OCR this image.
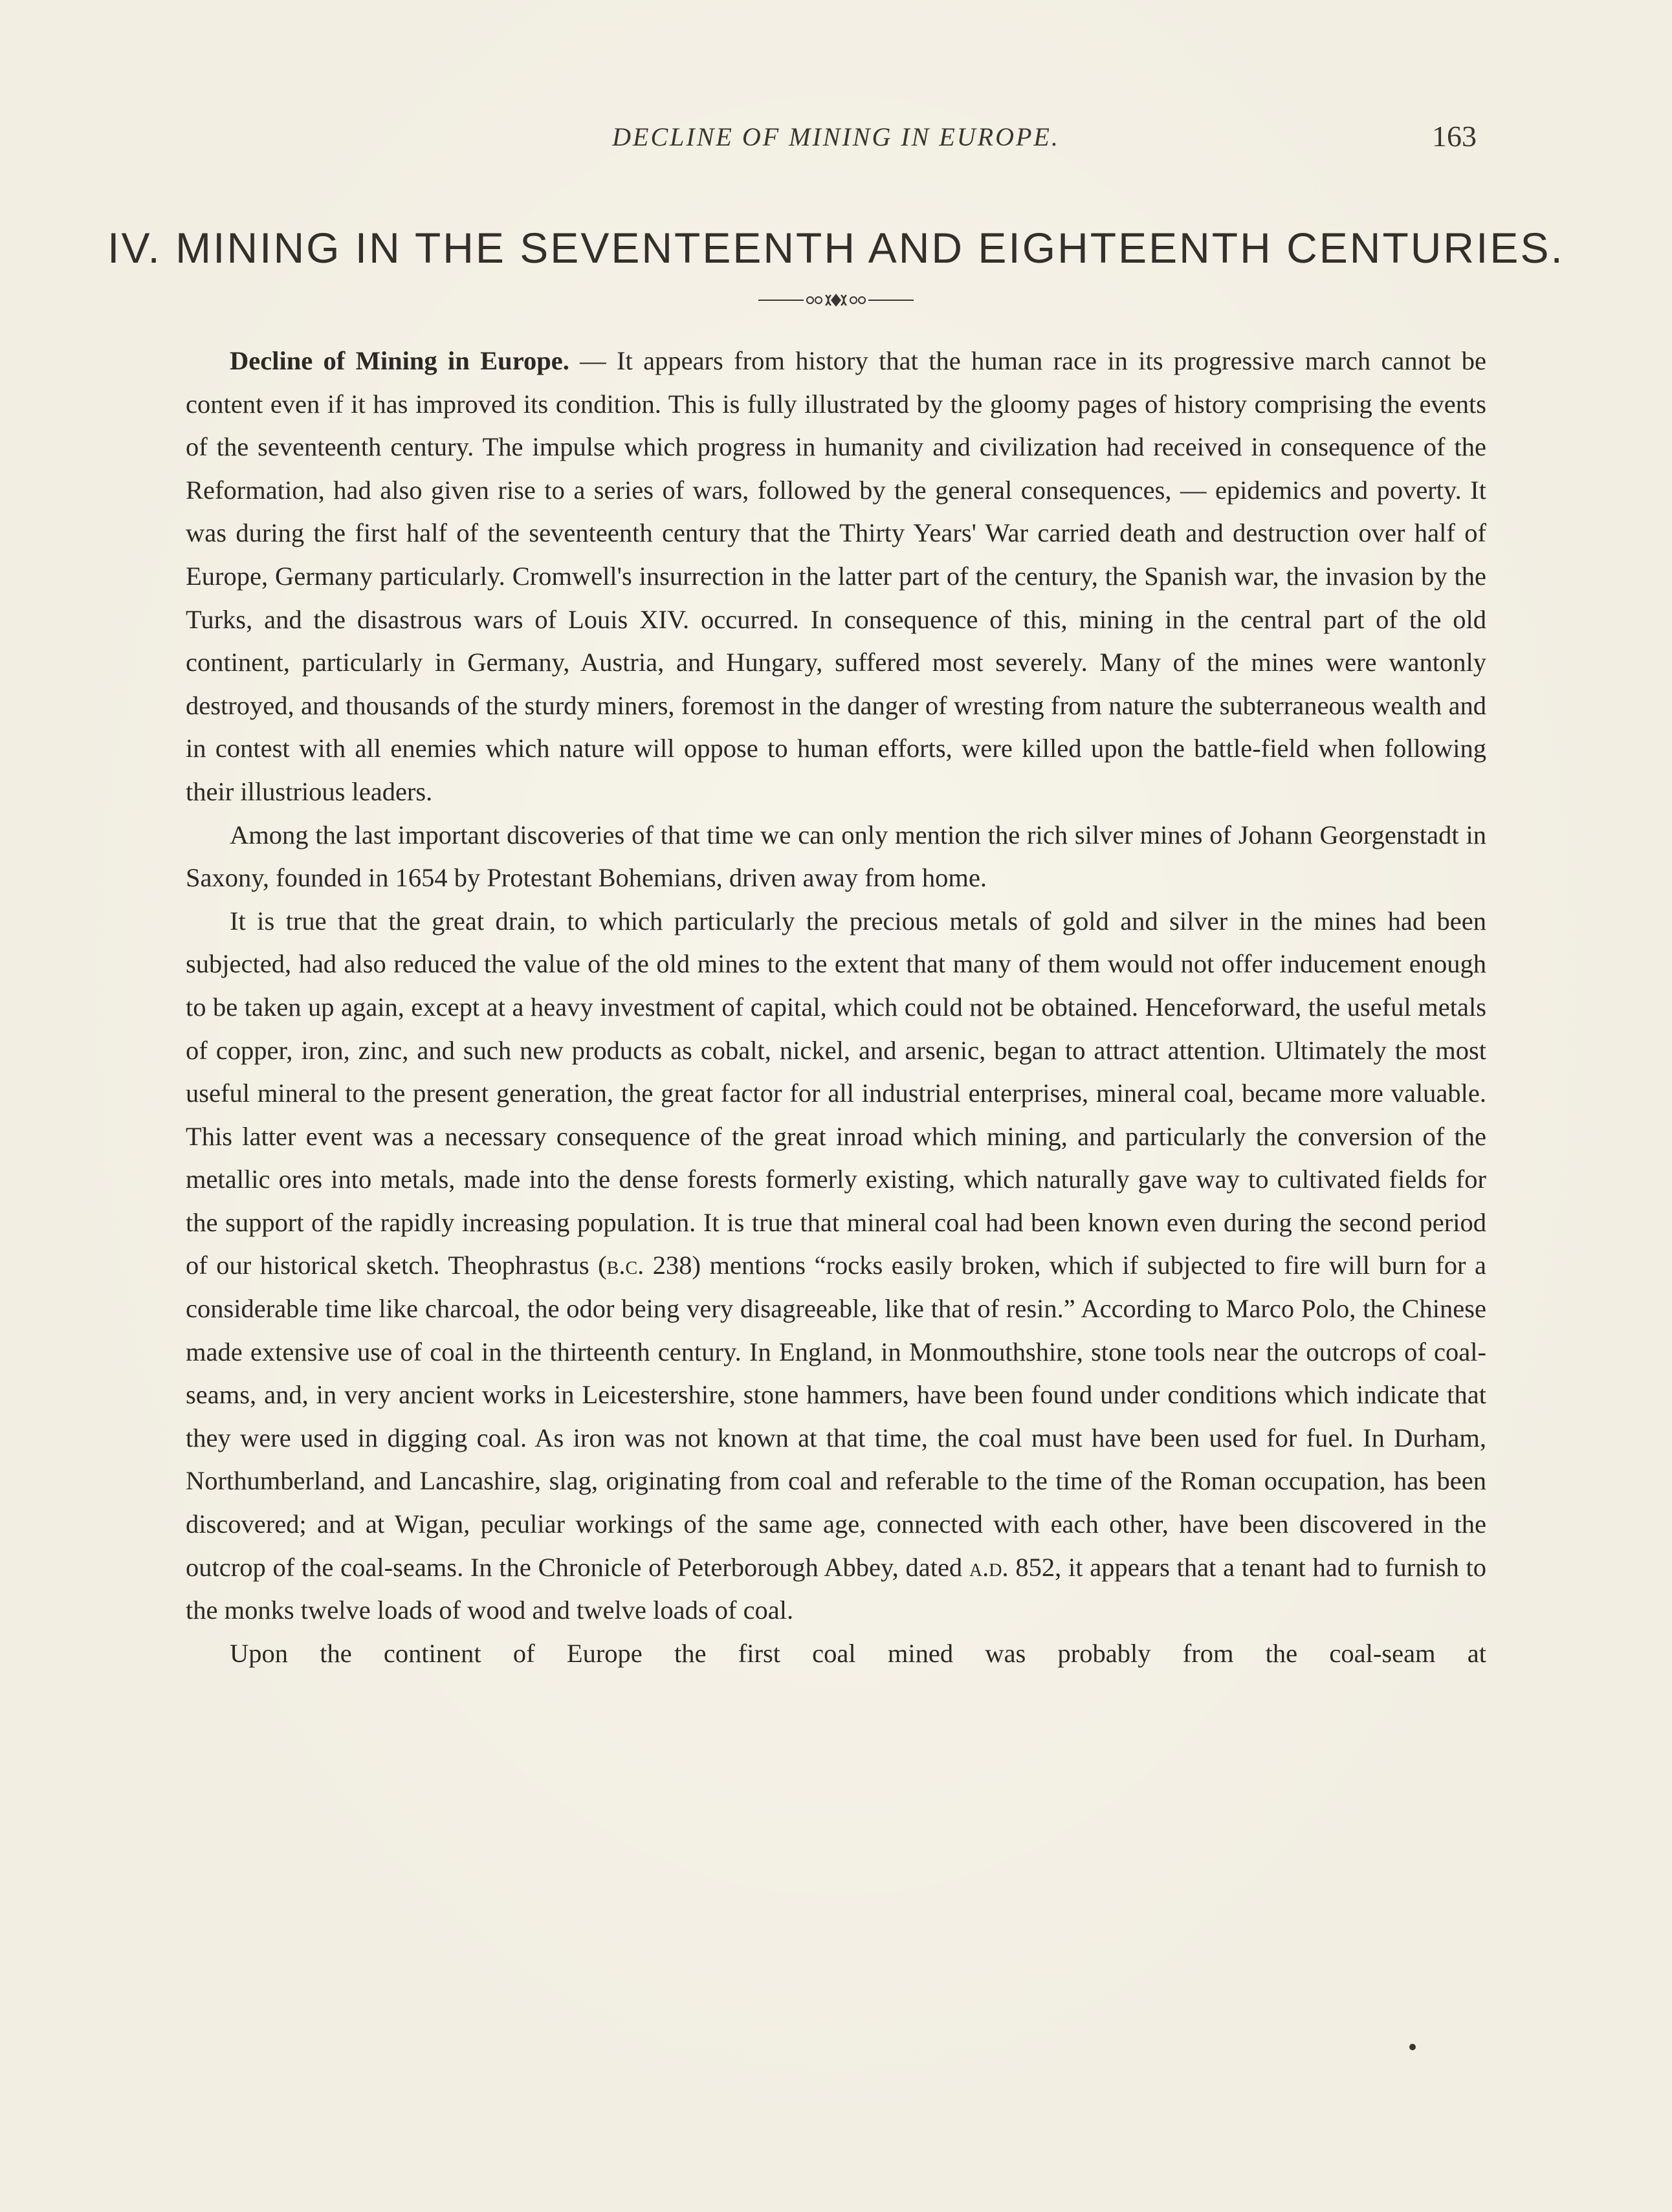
DECLINE OF MINING IN EUROPE.	163
IV. MINING IN THE SEVENTEENTH AND EIGHTEENTH CENTURIES.

Decline of Mining in Europe. — It appears from history that the human race in its progressive march cannot be content even if it has improved its condition. This is fully illustrated by the gloomy pages of history comprising the events of the seventeenth century. The impulse which progress in humanity and civilization had received in consequence of the Reformation, had also given rise to a series of wars, followed by the general consequences, — epidemics and poverty. It was during the first half of the seventeenth century that the Thirty Years' War carried death and destruction over half of Europe, Germany particularly. Cromwell's insurrection in the latter part of the century, the Spanish war, the invasion by the Turks, and the disastrous wars of Louis XIV. occurred. In consequence of this, mining in the central part of the old continent, particularly in Germany, Austria, and Hungary, suffered most severely. Many of the mines were wantonly destroyed, and thousands of the sturdy miners, foremost in the danger of wresting from nature the subterraneous wealth and in contest with all enemies which nature will oppose to human efforts, were killed upon the battle-field when following their illustrious leaders.

Among the last important discoveries of that time we can only mention the rich silver mines of Johann Georgenstadt in Saxony, founded in 1654 by Protestant Bohemians, driven away from home.

It is true that the great drain, to which particularly the precious metals of gold and silver in the mines had been subjected, had also reduced the value of the old mines to the extent that many of them would not offer inducement enough to be taken up again, except at a heavy investment of capital, which could not be obtained. Henceforward, the useful metals of copper, iron, zinc, and such new products as cobalt, nickel, and arsenic, began to attract attention. Ultimately the most useful mineral to the present generation, the great factor for all industrial enterprises, mineral coal, became more valuable. This latter event was a necessary consequence of the great inroad which mining, and particularly the conversion of the metallic ores into metals, made into the dense forests formerly existing, which naturally gave way to cultivated fields for the support of the rapidly increasing population. It is true that mineral coal had been known even during the second period of our historical sketch. Theophrastus (b.c. 238) mentions “rocks easily broken, which if subjected to fire will burn for a considerable time like charcoal, the odor being very disagreeable, like that of resin.” According to Marco Polo, the Chinese made extensive use of coal in the thirteenth century. In England, in Monmouthshire, stone tools near the outcrops of coal-seams, and, in very ancient works in Leicestershire, stone hammers, have been found under conditions which indicate that they were used in digging coal. As iron was not known at that time, the coal must have been used for fuel. In Durham, Northumberland, and Lancashire, slag, originating from coal and referable to the time of the Roman occupation, has been discovered; and at Wigan, peculiar workings of the same age, connected with each other, have been discovered in the outcrop of the coal-seams. In the Chronicle of Peterborough Abbey, dated a.d. 852, it appears that a tenant had to furnish to the monks twelve loads of wood and twelve loads of coal.

Upon the continent of Europe the first coal mined was probably from the coal-seam at
